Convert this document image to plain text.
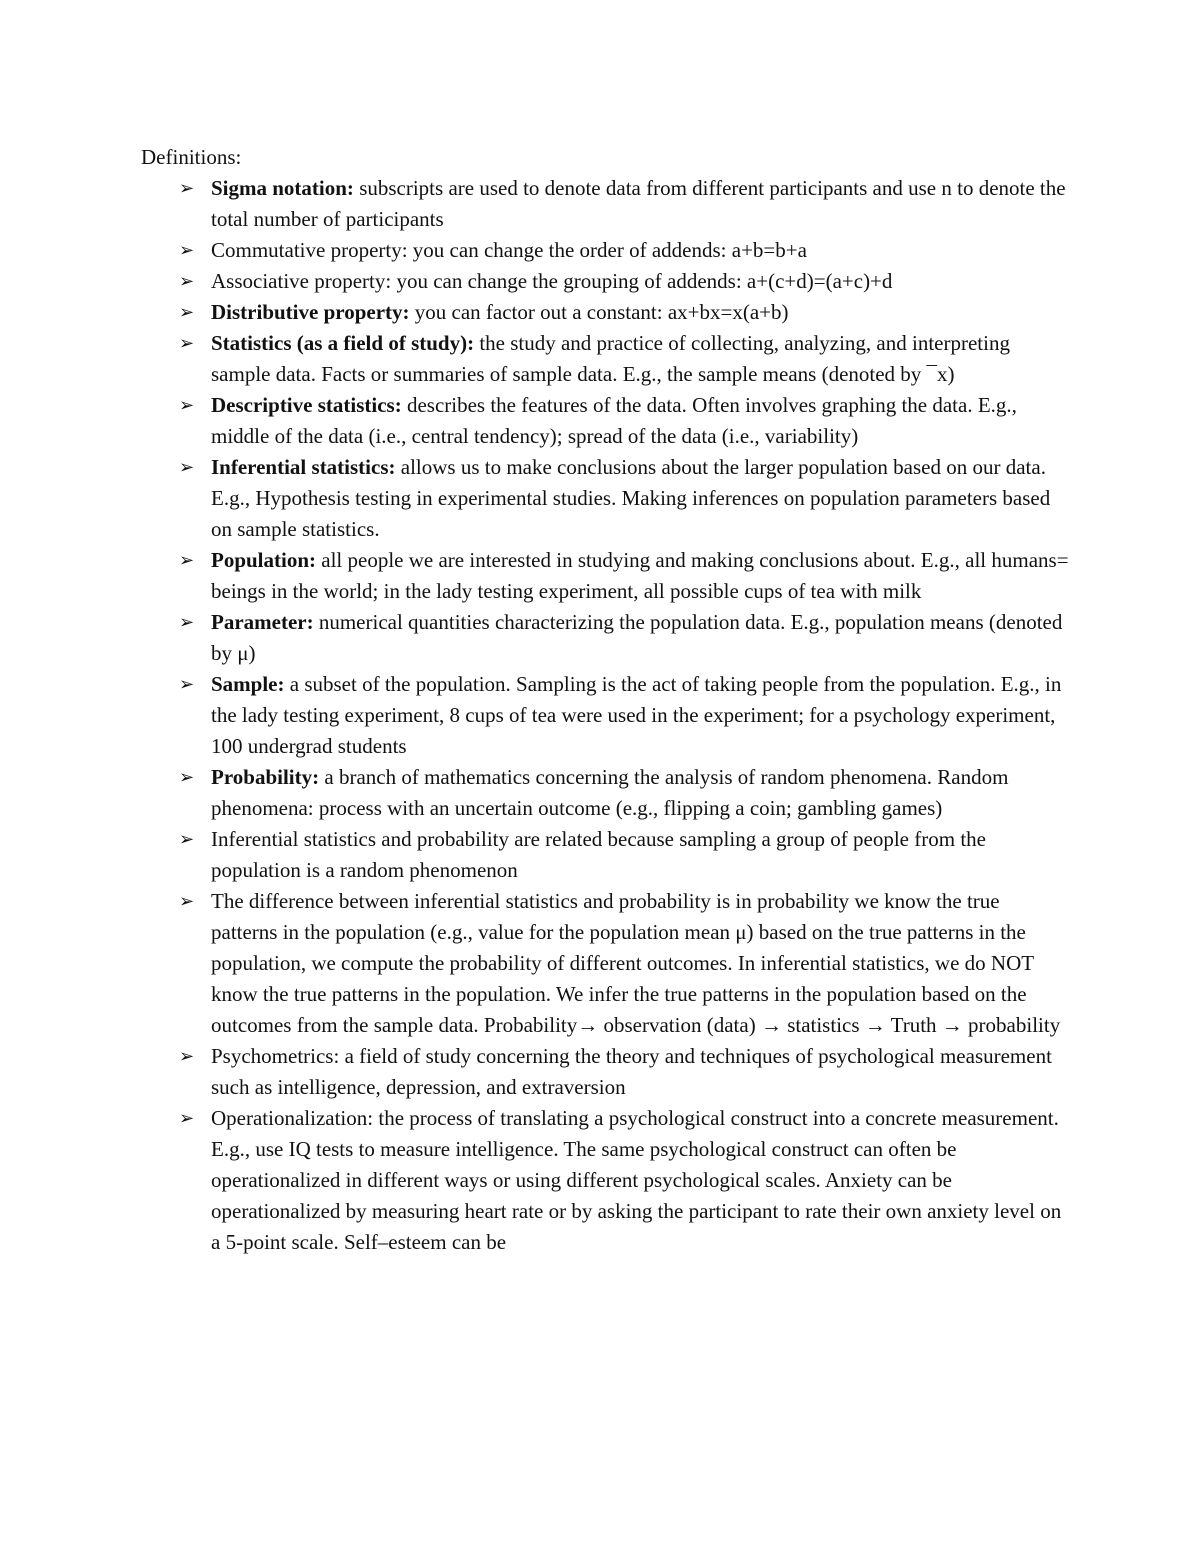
Definitions:

➢ Sigma notation: subscripts are used to denote data from different participants and use n to denote the total number of participants
➢ Commutative property: you can change the order of addends: a+b=b+a
➢ Associative property: you can change the grouping of addends: a+(c+d)=(a+c)+d
➢ Distributive property: you can factor out a constant: ax+bx=x(a+b)
➢ Statistics (as a field of study): the study and practice of collecting, analyzing, and interpreting sample data. Facts or summaries of sample data. E.g., the sample means (denoted by ¯x)
➢ Descriptive statistics: describes the features of the data. Often involves graphing the data. E.g., middle of the data (i.e., central tendency); spread of the data (i.e., variability)
➢ Inferential statistics: allows us to make conclusions about the larger population based on our data. E.g., Hypothesis testing in experimental studies. Making inferences on population parameters based on sample statistics.
➢ Population: all people we are interested in studying and making conclusions about. E.g., all humans= beings in the world; in the lady testing experiment, all possible cups of tea with milk
➢ Parameter: numerical quantities characterizing the population data. E.g., population means (denoted by μ)
➢ Sample: a subset of the population. Sampling is the act of taking people from the population. E.g., in the lady testing experiment, 8 cups of tea were used in the experiment; for a psychology experiment, 100 undergrad students
➢ Probability: a branch of mathematics concerning the analysis of random phenomena. Random phenomena: process with an uncertain outcome (e.g., flipping a coin; gambling games)
➢ Inferential statistics and probability are related because sampling a group of people from the population is a random phenomenon
➢ The difference between inferential statistics and probability is in probability we know the true patterns in the population (e.g., value for the population mean μ) based on the true patterns in the population, we compute the probability of different outcomes. In inferential statistics, we do NOT know the true patterns in the population. We infer the true patterns in the population based on the outcomes from the sample data. Probability→ observation (data) → statistics → Truth → probability
➢ Psychometrics: a field of study concerning the theory and techniques of psychological measurement such as intelligence, depression, and extraversion
➢ Operationalization: the process of translating a psychological construct into a concrete measurement. E.g., use IQ tests to measure intelligence. The same psychological construct can often be operationalized in different ways or using different psychological scales. Anxiety can be operationalized by measuring heart rate or by asking the participant to rate their own anxiety level on a 5-point scale. Self–esteem can be
